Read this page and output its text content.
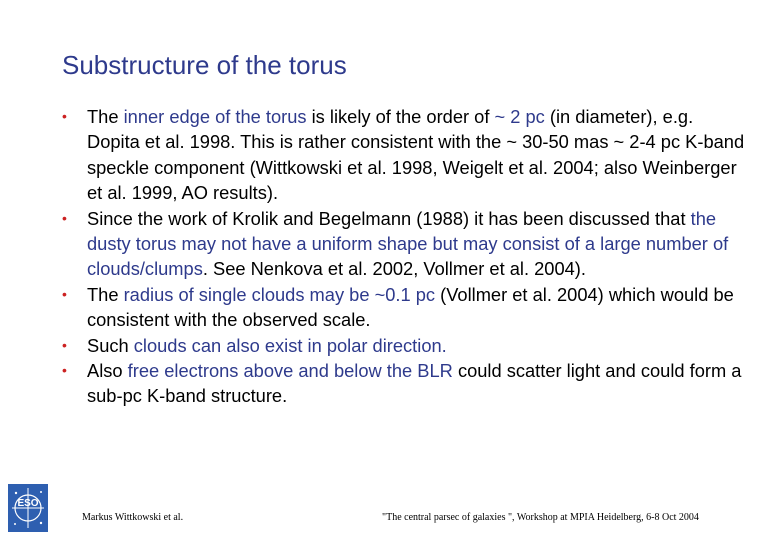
Substructure of the torus
• The inner edge of the torus is likely of the order of ~ 2 pc (in diameter), e.g. Dopita et al. 1998. This is rather consistent with the ~ 30-50 mas ~ 2-4 pc K-band speckle component (Wittkowski et al. 1998, Weigelt et al. 2004; also Weinberger et al. 1999, AO results).
• Since the work of Krolik and Begelmann (1988) it has been discussed that the dusty torus may not have a uniform shape but may consist of a large number of clouds/clumps. See Nenkova et al. 2002, Vollmer et al. 2004).
• The radius of single clouds may be ~0.1 pc (Vollmer et al. 2004) which would be consistent with the observed scale.
• Such clouds can also exist in polar direction.
• Also free electrons above and below the BLR could scatter light and could form a sub-pc K-band structure.
ESO
Markus Wittkowski et al.	"The central parsec of galaxies ", Workshop at MPIA Heidelberg, 6-8 Oct 2004
